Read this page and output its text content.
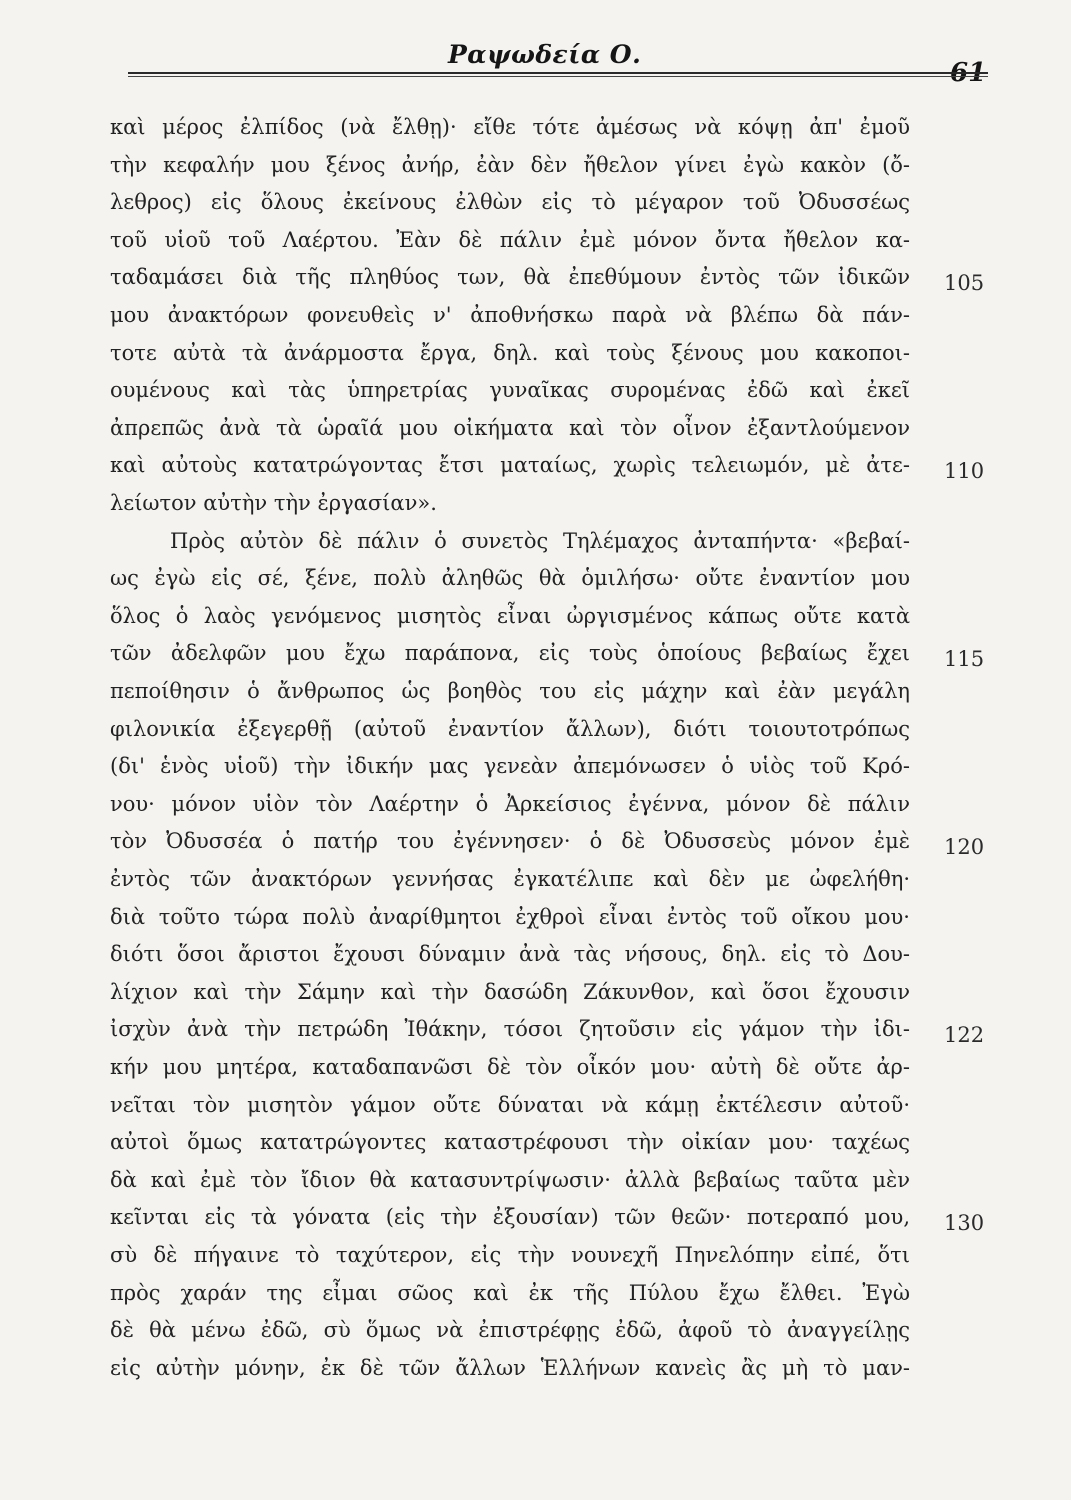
Ραψωδεία Ο.
61
καὶ μέρος ἐλπίδος (νὰ ἔλθῃ)· εἴθε τότε ἀμέσως νὰ κόψῃ ἀπ' ἐμοῦ
τὴν κεφαλήν μου ξένος ἀνήρ, ἐὰν δὲν ἤθελον γίνει ἐγὼ κακὸν (ὄ-
λεθρος) εἰς ὅλους ἐκείνους ἐλθὼν εἰς τὸ μέγαρον τοῦ Ὀδυσσέως
τοῦ υἱοῦ τοῦ Λαέρτου. Ἐὰν δὲ πάλιν ἐμὲ μόνον ὄντα ἤθελον κα-
ταδαμάσει διὰ τῆς πληθύος των, θὰ ἐπεθύμουν ἐντὸς τῶν ἰδικῶν
μου ἀνακτόρων φονευθεὶς ν' ἀποθνήσκω παρὰ νὰ βλέπω δὰ πάν-
τοτε αὐτὰ τὰ ἀνάρμοστα ἔργα, δηλ. καὶ τοὺς ξένους μου κακοποι-
ουμένους καὶ τὰς ὑπηρετρίας γυναῖκας συρομένας ἐδῶ καὶ ἐκεῖ
ἀπρεπῶς ἀνὰ τὰ ὡραῖά μου οἰκήματα καὶ τὸν οἶνον ἐξαντλούμενον
καὶ αὐτοὺς κατατρώγοντας ἔτσι ματαίως, χωρὶς τελειωμόν, μὲ ἀτε-
λείωτον αὐτὴν τὴν ἐργασίαν».
Πρὸς αὐτὸν δὲ πάλιν ὁ συνετὸς Τηλέμαχος ἀνταπήντα· «βεβαί-
ως ἐγὼ εἰς σέ, ξένε, πολὺ ἀληθῶς θὰ ὁμιλήσω· οὔτε ἐναντίον μου
ὅλος ὁ λαὸς γενόμενος μισητὸς εἶναι ὠργισμένος κάπως οὔτε κατὰ
τῶν ἀδελφῶν μου ἔχω παράπονα, εἰς τοὺς ὁποίους βεβαίως ἔχει
πεποίθησιν ὁ ἄνθρωπος ὡς βοηθὸς του εἰς μάχην καὶ ἐὰν μεγάλη
φιλονικία ἐξεγερθῇ (αὐτοῦ ἐναντίον ἄλλων), διότι τοιουτοτρόπως
(δι' ἑνὸς υἱοῦ) τὴν ἰδικήν μας γενεὰν ἀπεμόνωσεν ὁ υἱὸς τοῦ Κρό-
νου· μόνον υἱὸν τὸν Λαέρτην ὁ Ἀρκείσιος ἐγέννα, μόνον δὲ πάλιν
τὸν Ὀδυσσέα ὁ πατήρ του ἐγέννησεν· ὁ δὲ Ὀδυσσεὺς μόνον ἐμὲ
ἐντὸς τῶν ἀνακτόρων γεννήσας ἐγκατέλιπε καὶ δὲν με ὠφελήθη·
διὰ τοῦτο τώρα πολὺ ἀναρίθμητοι ἐχθροὶ εἶναι ἐντὸς τοῦ οἴκου μου·
διότι ὅσοι ἄριστοι ἔχουσι δύναμιν ἀνὰ τὰς νήσους, δηλ. εἰς τὸ Δου-
λίχιον καὶ τὴν Σάμην καὶ τὴν δασώδη Ζάκυνθον, καὶ ὅσοι ἔχουσιν
ἰσχὺν ἀνὰ τὴν πετρώδη Ἰθάκην, τόσοι ζητοῦσιν εἰς γάμον τὴν ἰδι-
κήν μου μητέρα, καταδαπανῶσι δὲ τὸν οἶκόν μου· αὐτὴ δὲ οὔτε ἀρ-
νεῖται τὸν μισητὸν γάμον οὔτε δύναται νὰ κάμῃ ἐκτέλεσιν αὐτοῦ·
αὐτοὶ ὅμως κατατρώγοντες καταστρέφουσι τὴν οἰκίαν μου· ταχέως
δὰ καὶ ἐμὲ τὸν ἴδιον θὰ κατασυντρίψωσιν· ἀλλὰ βεβαίως ταῦτα μὲν
κεῖνται εἰς τὰ γόνατα (εἰς τὴν ἐξουσίαν) τῶν θεῶν· ποτεραπό μου,
σὺ δὲ πήγαινε τὸ ταχύτερον, εἰς τὴν νουνεχῆ Πηνελόπην εἰπέ, ὅτι
πρὸς χαράν της εἶμαι σῶος καὶ ἐκ τῆς Πύλου ἔχω ἔλθει. Ἐγὼ
δὲ θὰ μένω ἐδῶ, σὺ ὅμως νὰ ἐπιστρέφῃς ἐδῶ, ἀφοῦ τὸ ἀναγγείλῃς
εἰς αὐτὴν μόνην, ἐκ δὲ τῶν ἄλλων Ἑλλήνων κανεὶς ἂς μὴ τὸ μαν-
105
110
115
120
122
130
